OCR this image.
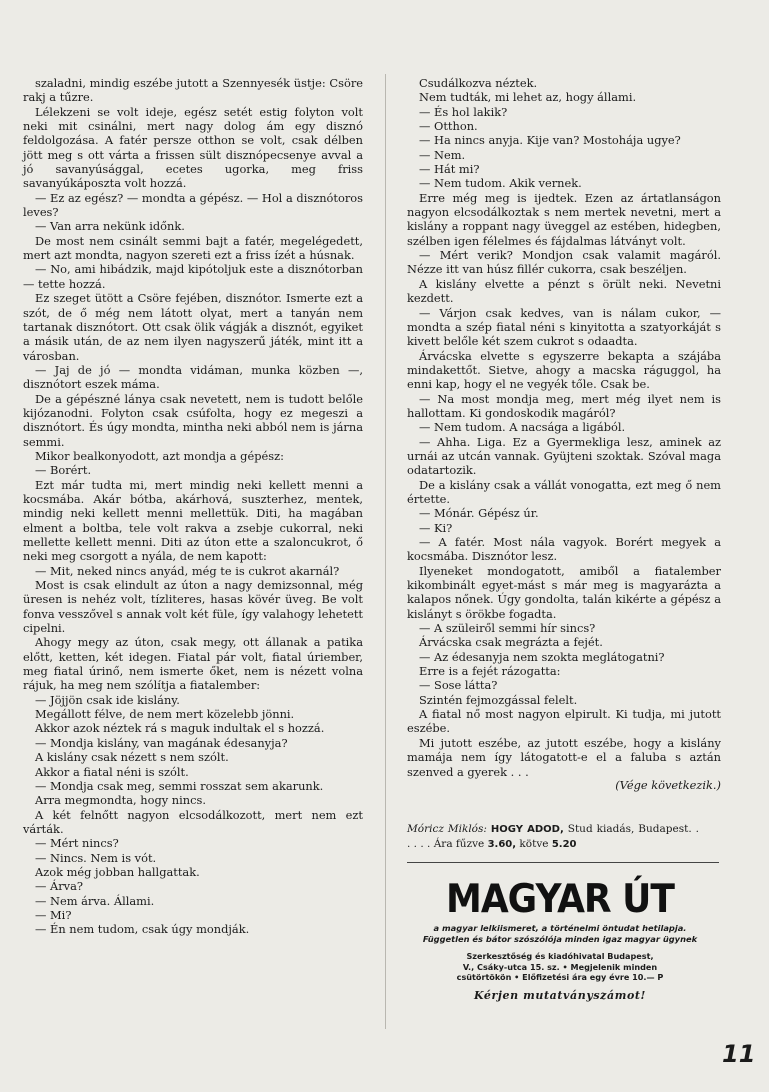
szaladni, mindig eszébe jutott a Szennyesék üstje: Csöre rakj a tűzre.

Lélekzeni se volt ideje, egész setét estig folyton volt neki mit csinálni, mert nagy dolog ám egy disznó feldolgozása. A fatér persze otthon se volt, csak délben jött meg s ott várta a frissen sült disznópecsenye avval a jó savanyúsággal, ecetes ugorka, meg friss savanyúkáposzta volt hozzá.

— Ez az egész? — mondta a gépész. — Hol a disznótoros leves?

— Van arra nekünk időnk.

De most nem csinált semmi bajt a fatér, megelégedett, mert azt mondta, nagyon szereti ezt a friss ízét a húsnak.

— No, ami hibádzik, majd kipótoljuk este a disznótorban — tette hozzá.

Ez szeget ütött a Csöre fejében, disznótor. Ismerte ezt a szót, de ő még nem látott olyat, mert a tanyán nem tartanak disznótort. Ott csak ölik vágják a disznót, egyiket a másik után, de az nem ilyen nagyszerű játék, mint itt a városban.

— Jaj de jó — mondta vidáman, munka közben —, disznótort eszek máma.

De a gépészné lánya csak nevetett, nem is tudott belőle kijózanodni. Folyton csak csúfolta, hogy ez megeszi a disznótort. És úgy mondta, mintha neki abból nem is járna semmi.

Mikor bealkonyodott, azt mondja a gépész:

— Borért.

Ezt már tudta mi, mert mindig neki kellett menni a kocsmába. Akár bótba, akárhová, suszterhez, mentek, mindig neki kellett menni mellettük. Diti, ha magában elment a boltba, tele volt rakva a zsebje cukorral, neki mellette kellett menni. Diti az úton ette a szaloncukrot, ő neki meg csorgott a nyála, de nem kapott:

— Mit, neked nincs anyád, még te is cukrot akarnál?

Most is csak elindult az úton a nagy demizsonnal, még üresen is nehéz volt, tízliteres, hasas kövér üveg. Be volt fonva vesszővel s annak volt két füle, így valahogy lehetett cipelni.

Ahogy megy az úton, csak megy, ott állanak a patika előtt, ketten, két idegen. Fiatal pár volt, fiatal úriember, meg fiatal úrinő, nem ismerte őket, nem is nézett volna rájuk, ha meg nem szólítja a fiatalember:

— Jöjjön csak ide kislány.

Megállott félve, de nem mert közelebb jönni.

Akkor azok néztek rá s maguk indultak el s hozzá.

— Mondja kislány, van magának édesanyja?

A kislány csak nézett s nem szólt.

Akkor a fiatal néni is szólt.

— Mondja csak meg, semmi rosszat sem akarunk.

Arra megmondta, hogy nincs.

A két felnőtt nagyon elcsodálkozott, mert nem ezt várták.

— Mért nincs?

— Nincs. Nem is vót.

Azok még jobban hallgattak.

— Árva?

— Nem árva. Állami.

— Mi?

— Én nem tudom, csak úgy mondják.

Csudálkozva néztek.

Nem tudták, mi lehet az, hogy állami.

— És hol lakik?

— Otthon.

— Ha nincs anyja. Kije van? Mostohája ugye?

— Nem.

— Hát mi?

— Nem tudom. Akik vernek.

Erre még meg is ijedtek. Ezen az ártatlanságon nagyon elcsodálkoztak s nem mertek nevetni, mert a kislány a roppant nagy üveggel az estében, hidegben, szélben igen félelmes és fájdalmas látványt volt.

— Mért verik? Mondjon csak valamit magáról. Nézze itt van húsz fillér cukorra, csak beszéljen.

A kislány elvette a pénzt s örült neki. Nevetni kezdett.

— Várjon csak kedves, van is nálam cukor, — mondta a szép fiatal néni s kinyitotta a szatyorkáját s kivett belőle két szem cukrot s odaadta.

Árvácska elvette s egyszerre bekapta a szájába mindakettőt. Sietve, ahogy a macska ráguggol, ha enni kap, hogy el ne vegyék tőle. Csak be.

— Na most mondja meg, mert még ilyet nem is hallottam. Ki gondoskodik magáról?

— Nem tudom. A nacsága a ligából.

— Ahha. Liga. Ez a Gyermekliga lesz, aminek az urnái az utcán vannak. Gyüjteni szoktak. Szóval maga odatartozik.

De a kislány csak a vállát vonogatta, ezt meg ő nem értette.

— Mónár. Gépész úr.

— Ki?

— A fatér. Most nála vagyok. Borért megyek a kocsmába. Disznótor lesz.

Ilyeneket mondogatott, amiből a fiatalember kikombinált egyet-mást s már meg is magyarázta a kalapos nőnek. Úgy gondolta, talán kikérte a gépész a kislányt s örökbe fogadta.

— A szüleiről semmi hír sincs?

Árvácska csak megrázta a fejét.

— Az édesanyja nem szokta meglátogatni?

Erre is a fejét rázogatta:

— Sose látta?

Szintén fejmozgással felelt.

A fiatal nő most nagyon elpirult. Ki tudja, mi jutott eszébe.

Mi jutott eszébe, az jutott eszébe, hogy a kislány mamája nem így látogatott-e el a faluba s aztán szenved a gyerek . . .

(Vége következik.)

Móricz Miklós: HOGY ADOD, Stud kiadás, Budapest. . . . . . Ára fűzve 3.60, kötve 5.20
MAGYAR ÚT
a magyar lelkiismeret, a történelmi öntudat hetilapja.
Független és bátor szószólója minden igaz magyar ügynek
Szerkesztőség és kiadóhivatal Budapest,
V., Csáky-utca 15. sz. • Megjelenik minden
csütörtökön • Előfizetési ára egy évre 10.— P
Kérjen mutatványszámot!
11
